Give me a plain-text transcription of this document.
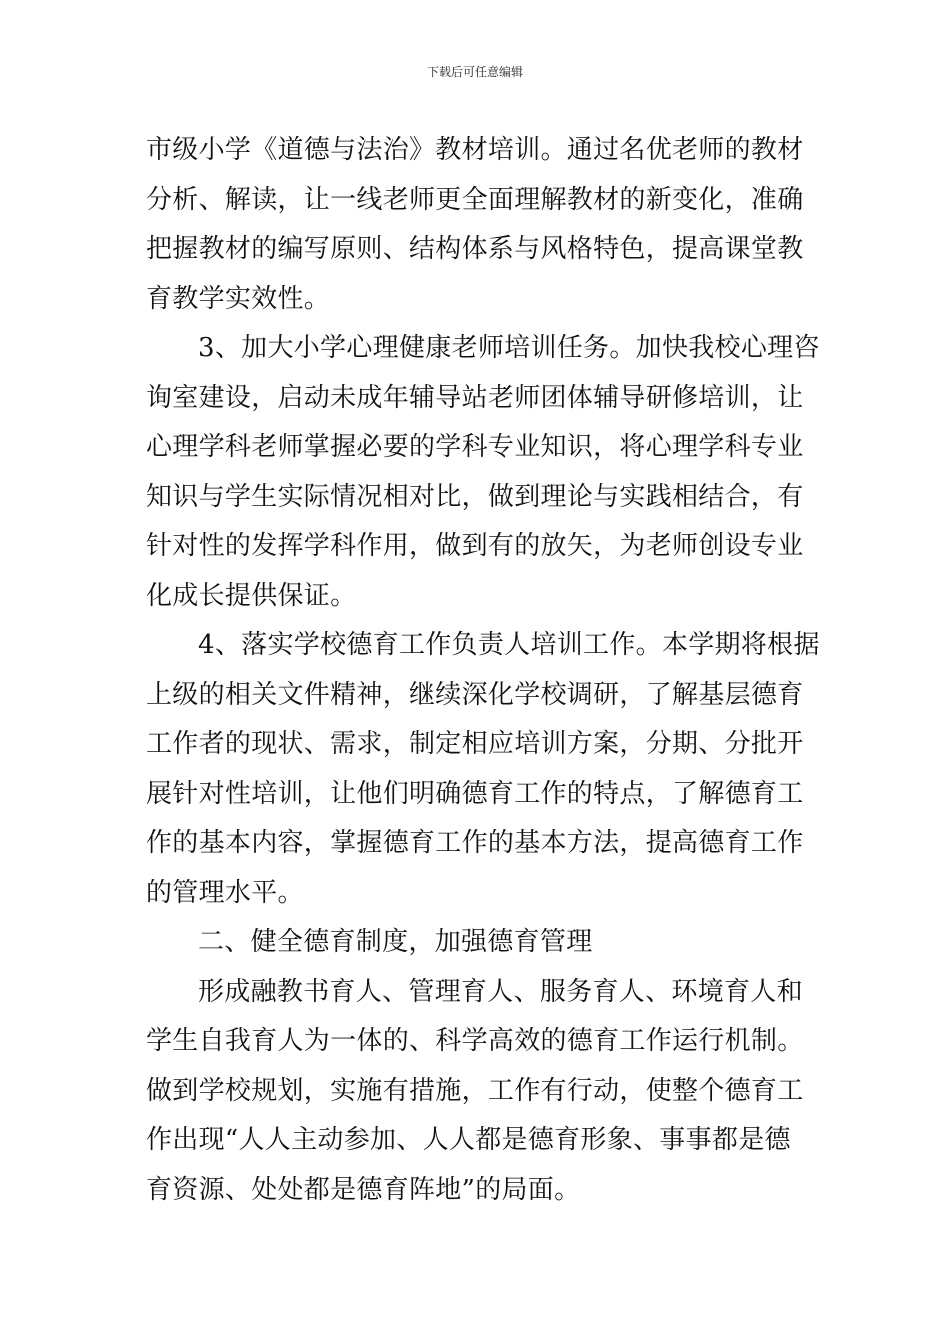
下载后可任意编辑
市级小学《道德与法治》教材培训。通过名优老师的教材
分析、解读，让一线老师更全面理解教材的新变化，准确
把握教材的编写原则、结构体系与风格特色，提高课堂教
育教学实效性。
3、加大小学心理健康老师培训任务。加快我校心理咨
询室建设，启动未成年辅导站老师团体辅导研修培训，让
心理学科老师掌握必要的学科专业知识，将心理学科专业
知识与学生实际情况相对比，做到理论与实践相结合，有
针对性的发挥学科作用，做到有的放矢，为老师创设专业
化成长提供保证。
4、落实学校德育工作负责人培训工作。本学期将根据
上级的相关文件精神，继续深化学校调研，了解基层德育
工作者的现状、需求，制定相应培训方案，分期、分批开
展针对性培训，让他们明确德育工作的特点，了解德育工
作的基本内容，掌握德育工作的基本方法，提高德育工作
的管理水平。
二、健全德育制度，加强德育管理
形成融教书育人、管理育人、服务育人、环境育人和
学生自我育人为一体的、科学高效的德育工作运行机制。
做到学校规划，实施有措施，工作有行动，使整个德育工
作出现“人人主动参加、人人都是德育形象、事事都是德
育资源、处处都是德育阵地”的局面。
